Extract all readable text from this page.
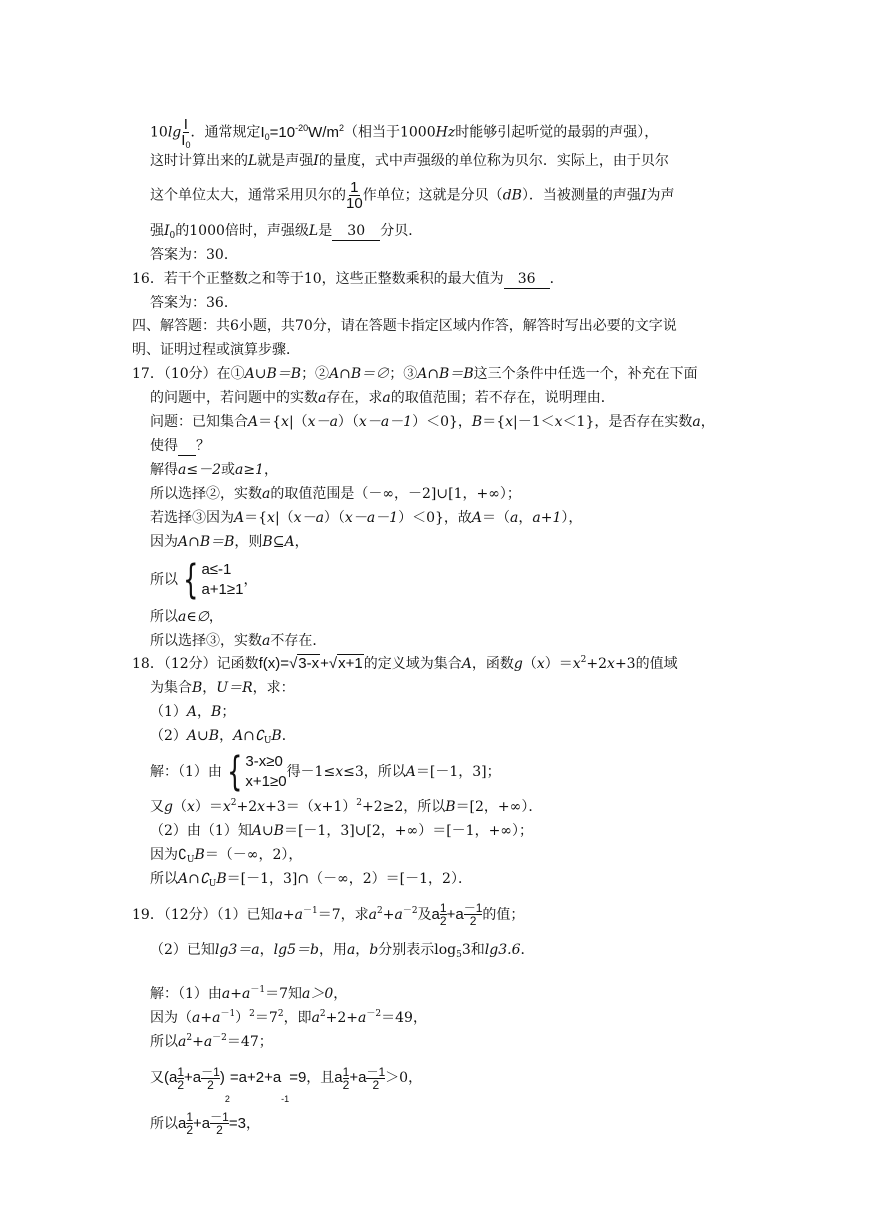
$10\lg \frac{I}{I_0}$ ．通常规定$I_0=10^{-20}W/m^2$（相当于1000Hz时能够引起听觉的最弱的声强），
这时计算出来的L就是声强I的量度，式中声强级的单位称为贝尔．实际上，由于贝尔
这个单位太大，通常采用贝尔的 $\frac{1}{10}$ 作单位；这就是分贝（dB）．当被测量的声强I为声
强$I_0$的1000倍时，声强级L是 30 分贝．
答案为：30．
16．若干个正整数之和等于10，这些正整数乘积的最大值为 36 ．
答案为：36．
四、解答题：共6小题，共70分，请在答题卡指定区域内作答，解答时写出必要的文字说
明、证明过程或演算步骤．
17．（10分）在①A∪B＝B；②A∩B＝∅；③A∩B＝B这三个条件中任选一个，补充在下面
的问题中，若问题中的实数a存在，求a的取值范围；若不存在，说明理由．
问题：已知集合A＝{x|（x－a）（x－a－1）＜0}，B＝{x|－1＜x＜1}，是否存在实数a，
使得 ？
解得a≤－2或a≥1，
所以选择②，实数a的取值范围是（－∞，－2]∪[1，+∞）；
若选择③因为A＝{x|（x－a）（x－a－1）＜0}，故A＝（a，a+1），
因为A∩B＝B，则B⊆A，
所以 { a≤-1
a+1≥1
，
所以a∈∅，
所以选择③，实数a不存在．
18．（12分）记函数f(x)=√3-x+√x+1的定义域为集合A，函数$g(x)=x^2+2x+3$的值域
为集合B，U＝R，求：
（1）A，B；
（2）A∪B，$A\cap∁_UB$．
解：（1）由 { 3-x≥0
x+1≥0
得－1≤x≤3，所以A＝[－1，3]；
又$g(x)=x^2+2x+3=(x+1)^2+2\ge 2$，所以B＝[2，+∞）．
（2）由（1）知A∪B＝[－1，3]∪[2，+∞）＝[－1，+∞）；
因为$∁_UB=(-\infty$，2），
所以$A\cap∁_UB=[-1$，3]∩（－∞，2）＝[－1，2）．
19．（12分）（1）已知$a+a^{-1}=7$，求$a^2+a^{-2}$及 a 1
2 +a －1
2 的值；
（2）已知lg3＝a，lg5＝b，用a，b分别表示$\log_53$和lg3.6．
解：（1）由$a+a^{-1}=7$知a＞0，
因为$(a+a^{-1})^2=7^2$，即$a^2+2+a^{-2}=49$，
所以$a^2+a^{-2}=47$；
又 ( a 1
2 +a －1
2 )
2
=a+2+a
-1
=9 ，且 a 1
2 +a －1
2 ＞0，
所以 a 1
$2 +a \frac{-1}{2} =3$ ，
